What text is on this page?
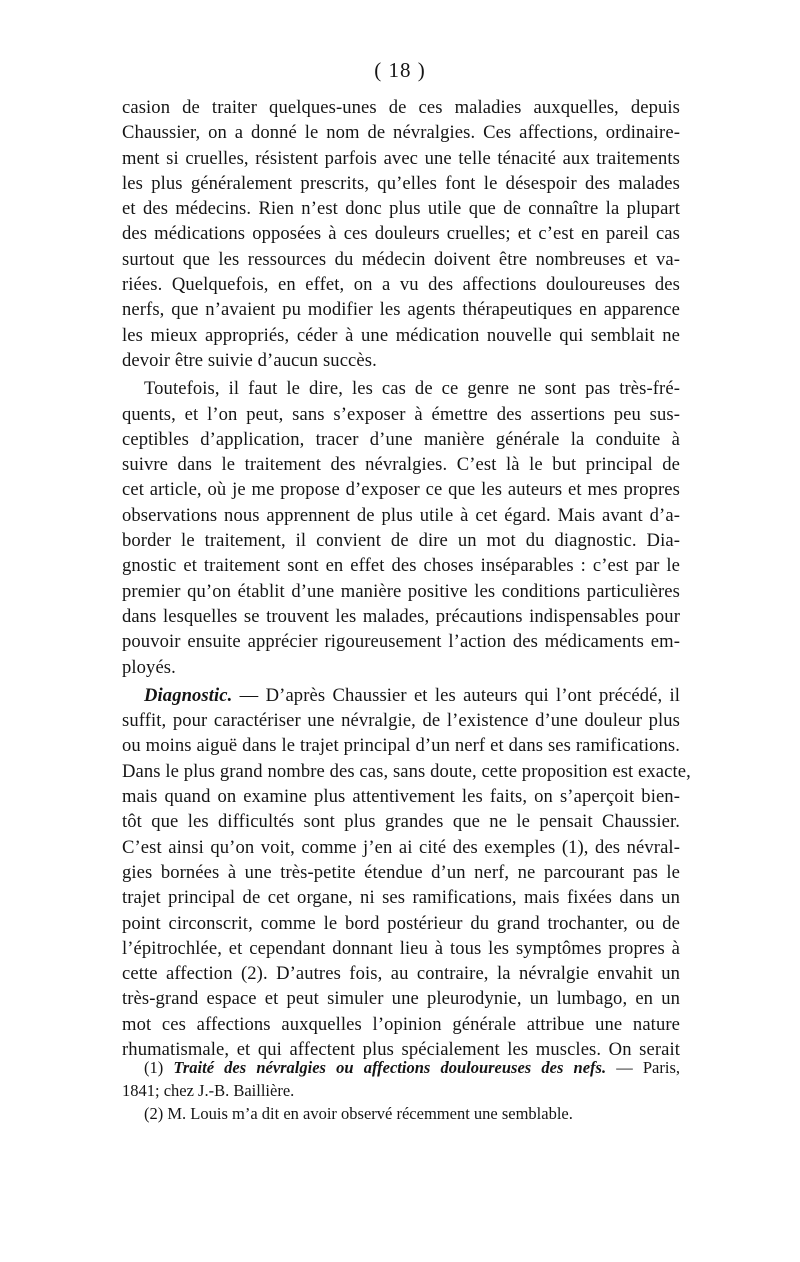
( 18 )
casion de traiter quelques-unes de ces maladies auxquelles, depuis
Chaussier, on a donné le nom de névralgies. Ces affections, ordinaire-
ment si cruelles, résistent parfois avec une telle ténacité aux traitements
les plus généralement prescrits, qu’elles font le désespoir des malades
et des médecins. Rien n’est donc plus utile que de connaître la plupart
des médications opposées à ces douleurs cruelles; et c’est en pareil cas
surtout que les ressources du médecin doivent être nombreuses et va-
riées. Quelquefois, en effet, on a vu des affections douloureuses des
nerfs, que n’avaient pu modifier les agents thérapeutiques en apparence
les mieux appropriés, céder à une médication nouvelle qui semblait ne
devoir être suivie d’aucun succès.
Toutefois, il faut le dire, les cas de ce genre ne sont pas très-fré-
quents, et l’on peut, sans s’exposer à émettre des assertions peu sus-
ceptibles d’application, tracer d’une manière générale la conduite à
suivre dans le traitement des névralgies. C’est là le but principal de
cet article, où je me propose d’exposer ce que les auteurs et mes propres
observations nous apprennent de plus utile à cet égard. Mais avant d’a-
border le traitement, il convient de dire un mot du diagnostic. Dia-
gnostic et traitement sont en effet des choses inséparables : c’est par le
premier qu’on établit d’une manière positive les conditions particulières
dans lesquelles se trouvent les malades, précautions indispensables pour
pouvoir ensuite apprécier rigoureusement l’action des médicaments em-
ployés.
Diagnostic. — D’après Chaussier et les auteurs qui l’ont précédé, il
suffit, pour caractériser une névralgie, de l’existence d’une douleur plus
ou moins aiguë dans le trajet principal d’un nerf et dans ses ramifications.
Dans le plus grand nombre des cas, sans doute, cette proposition est exacte,
mais quand on examine plus attentivement les faits, on s’aperçoit bien-
tôt que les difficultés sont plus grandes que ne le pensait Chaussier.
C’est ainsi qu’on voit, comme j’en ai cité des exemples (1), des névral-
gies bornées à une très-petite étendue d’un nerf, ne parcourant pas le
trajet principal de cet organe, ni ses ramifications, mais fixées dans un
point circonscrit, comme le bord postérieur du grand trochanter, ou de
l’épitrochlée, et cependant donnant lieu à tous les symptômes propres à
cette affection (2). D’autres fois, au contraire, la névralgie envahit un
très-grand espace et peut simuler une pleurodynie, un lumbago, en un
mot ces affections auxquelles l’opinion générale attribue une nature
rhumatismale, et qui affectent plus spécialement les muscles. On serait
(1) Traité des névralgies ou affections douloureuses des nefs. — Paris,
1841; chez J.-B. Baillière.
(2) M. Louis m’a dit en avoir observé récemment une semblable.
